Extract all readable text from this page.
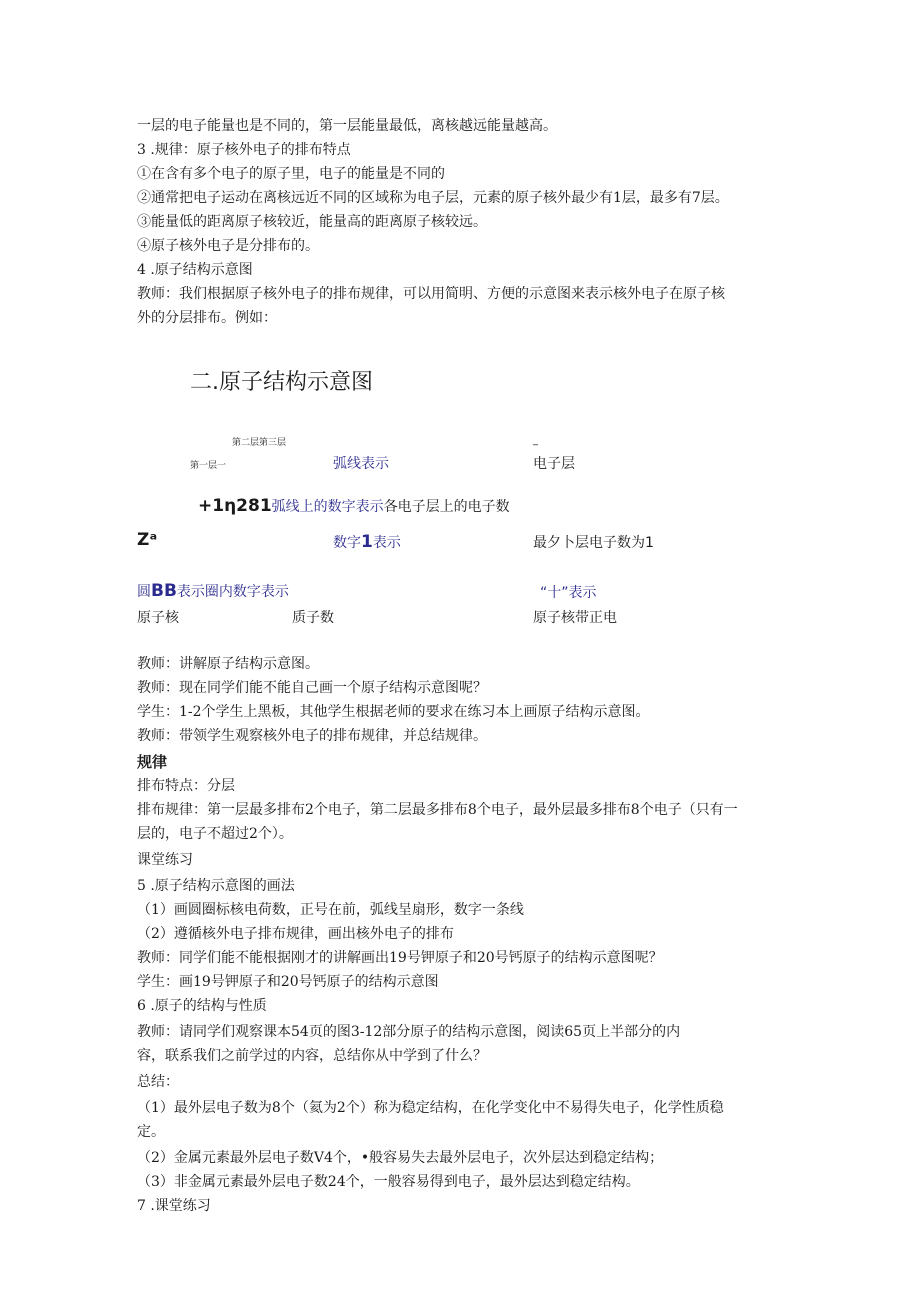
一层的电子能量也是不同的，第一层能量最低，离核越远能量越高。
3 .规律：原子核外电子的排布特点
①在含有多个电子的原子里，电子的能量是不同的
②通常把电子运动在离核远近不同的区域称为电子层，元素的原子核外最少有1层，最多有7层。
③能量低的距离原子核较近，能量高的距离原子核较远。
④原子核外电子是分排布的。
4 .原子结构示意图
教师：我们根据原子核外电子的排布规律，可以用简明、方便的示意图来表示核外电子在原子核
外的分层排布。例如：
二.原子结构示意图
第二层第三层	_
第一层一	弧线表示	电子层
+1η281弧线上的数字表示各电子层上的电子数
Zᵃ	数字1表示	最夕卜层电子数为1
圆BB表示圈内数字表示	“十”表示
原子核	质子数	原子核带正电
教师：讲解原子结构示意图。
教师：现在同学们能不能自己画一个原子结构示意图呢？
学生：1-2个学生上黑板，其他学生根据老师的要求在练习本上画原子结构示意图。
教师：带领学生观察核外电子的排布规律，并总结规律。
规律
排布特点：分层
排布规律：第一层最多排布2个电子，第二层最多排布8个电子，最外层最多排布8个电子（只有一
层的，电子不超过2个）。
课堂练习
5 .原子结构示意图的画法
（1）画圆圈标核电荷数，正号在前，弧线呈扇形，数字一条线
（2）遵循核外电子排布规律，画出核外电子的排布
教师：同学们能不能根据刚才的讲解画出19号钾原子和20号钙原子的结构示意图呢？
学生：画19号钾原子和20号钙原子的结构示意图
6 .原子的结构与性质
教师：请同学们观察课本54页的图3-12部分原子的结构示意图，阅读65页上半部分的内
容，联系我们之前学过的内容，总结你从中学到了什么？
总结：
（1）最外层电子数为8个（氦为2个）称为稳定结构，在化学变化中不易得失电子，化学性质稳
定。
（2）金属元素最外层电子数V4个，•般容易失去最外层电子，次外层达到稳定结构；
（3）非金属元素最外层电子数24个，一般容易得到电子，最外层达到稳定结构。
7 .课堂练习
